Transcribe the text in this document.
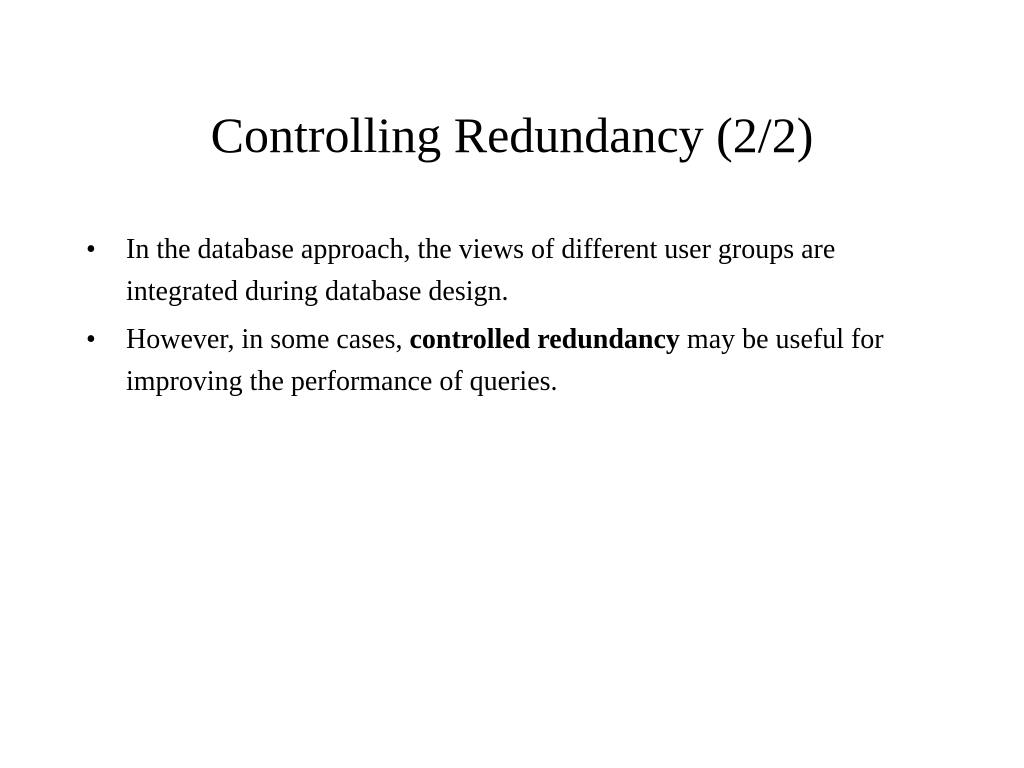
Controlling Redundancy (2/2)
•	In the database approach, the views of different user groups are integrated during database design.
•	However, in some cases, controlled redundancy may be useful for improving the performance of queries.
